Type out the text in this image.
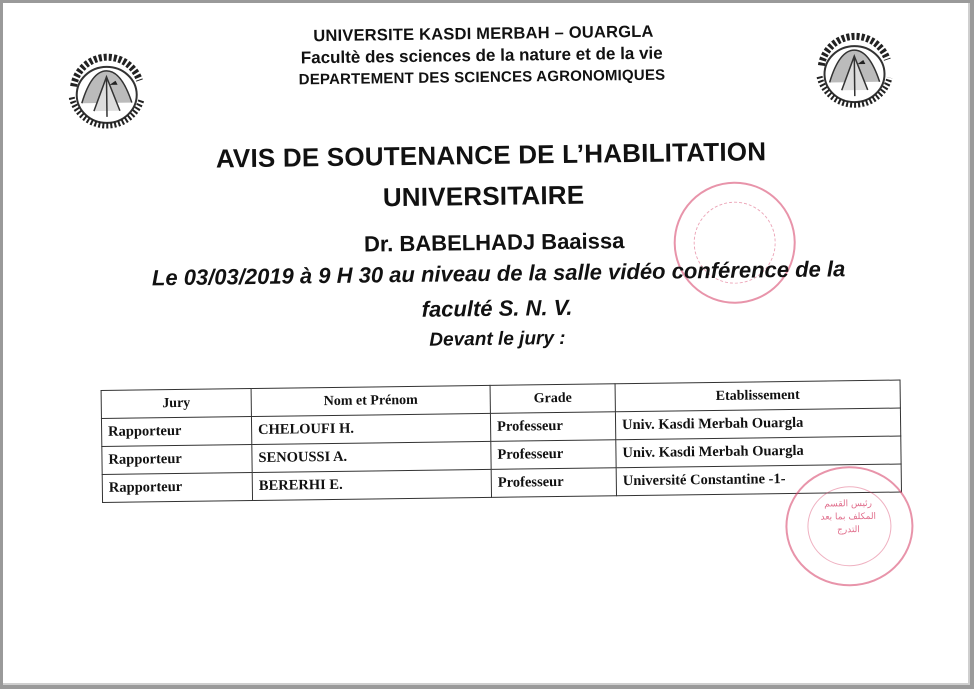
UNIVERSITE KASDI MERBAH – OUARGLA
Facultè des sciences de la nature et de la vie
DEPARTEMENT DES SCIENCES AGRONOMIQUES
AVIS DE SOUTENANCE DE L’HABILITATION
UNIVERSITAIRE
Dr. BABELHADJ Baaissa
Le 03/03/2019 à 9 H 30 au niveau de la salle vidéo conférence de la
faculté S. N. V.
Devant le jury :
Jury	Nom et Prénom	Grade	Etablissement
Rapporteur	CHELOUFI H.	Professeur	Univ. Kasdi Merbah Ouargla
Rapporteur	SENOUSSI A.	Professeur	Univ. Kasdi Merbah Ouargla
Rapporteur	BERERHI E.	Professeur	Université Constantine -1-
رئيس القسم المكلف بما بعد التدرج
